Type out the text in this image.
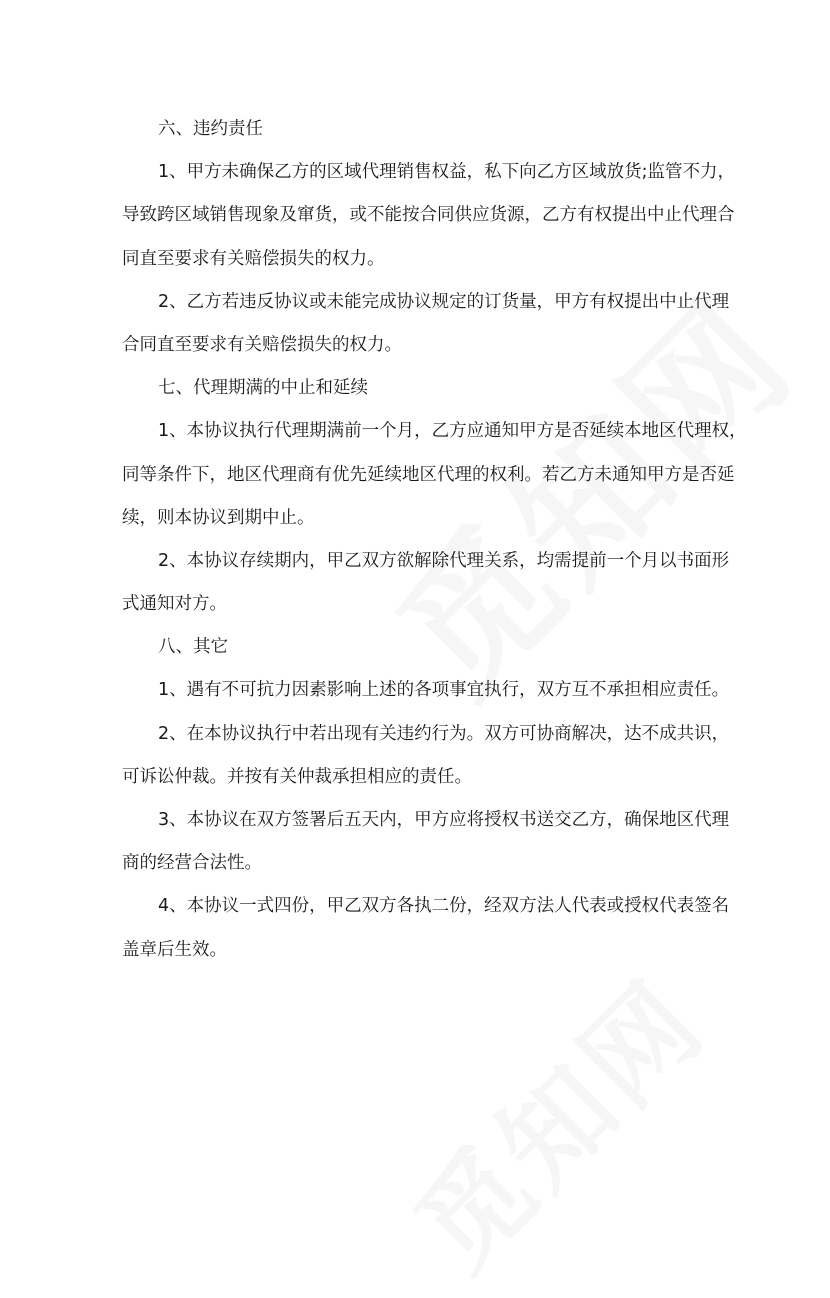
六、违约责任

1、甲方未确保乙方的区域代理销售权益，私下向乙方区域放货;监管不力，

导致跨区域销售现象及窜货，或不能按合同供应货源，乙方有权提出中止代理合

同直至要求有关赔偿损失的权力。

2、乙方若违反协议或未能完成协议规定的订货量，甲方有权提出中止代理

合同直至要求有关赔偿损失的权力。

七、代理期满的中止和延续

1、本协议执行代理期满前一个月，乙方应通知甲方是否延续本地区代理权，

同等条件下，地区代理商有优先延续地区代理的权利。若乙方未通知甲方是否延

续，则本协议到期中止。

2、本协议存续期内，甲乙双方欲解除代理关系，均需提前一个月以书面形

式通知对方。

八、其它

1、遇有不可抗力因素影响上述的各项事宜执行，双方互不承担相应责任。

2、在本协议执行中若出现有关违约行为。双方可协商解决，达不成共识，

可诉讼仲裁。并按有关仲裁承担相应的责任。

3、本协议在双方签署后五天内，甲方应将授权书送交乙方，确保地区代理

商的经营合法性。

4、本协议一式四份，甲乙双方各执二份，经双方法人代表或授权代表签名

盖章后生效。
